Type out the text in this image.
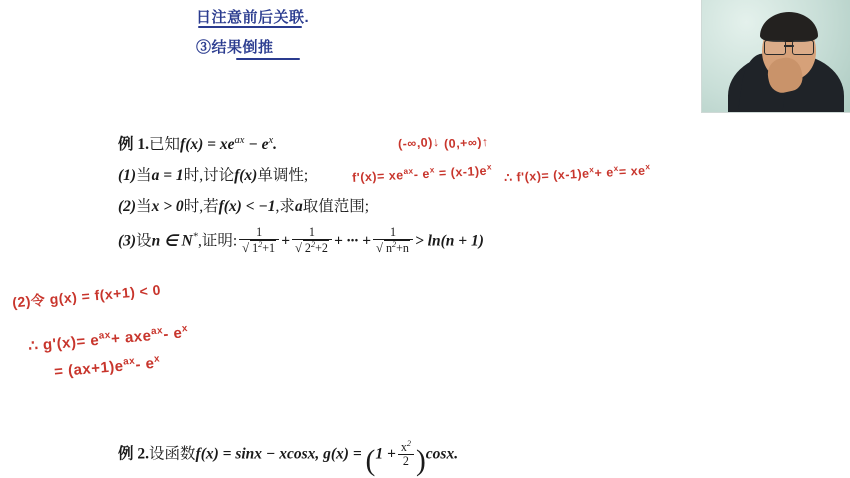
日注意前后关联.
③结果倒推
例 1.已知$f(x) = xe^{ax} - e^x$.
(1)当a = 1时,讨论f(x)单调性;
(2)当x > 0时,若f(x) < −1,求a取值范围;
(3)设n ∈ N*,证明: $\frac{1}{√ 1^2+1} + \frac{1}{√ 2^2+2}$ + ··· + $\frac{1}{√ n^2+n} > \ln(n + 1)$
例 2.设函数f(x) = sinx − xcosx, $g(x) = (1 + \frac{x^2}{2} )\cos x$.
(-∞,0)↓ (0,+∞)↑
$f'(x)= xe^{ax}-$ $e^x = (x-1)e^x$ ∴ $f'(x)= (x-1)e^x+ e^x= xe^x$
(2)令 g(x) = f(x+1) < 0
∴ $g'(x)= e^{ax}+ axe^{ax}-$ $e^x$
= $(ax+1)e^{ax}-$ $e^x$
